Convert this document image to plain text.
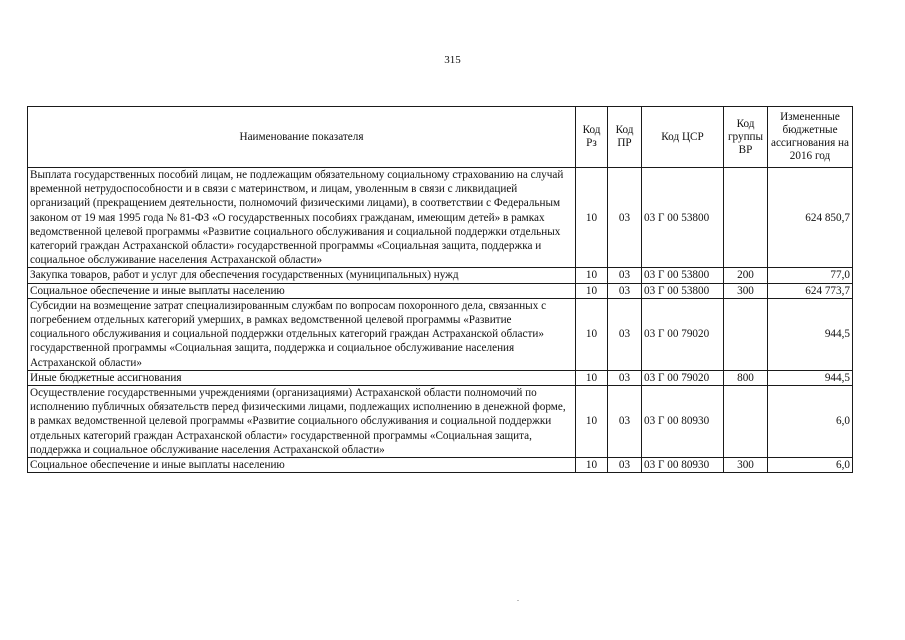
315
Наименование показателя	Код Рз	Код ПР	Код ЦСР	Код группы ВР	Измененные бюджетные ассигнования на 2016 год
Выплата государственных пособий лицам, не подлежащим обязательному социальному страхованию на случай временной нетрудоспособности и в связи с материнством, и лицам, уволенным в связи с ликвидацией организаций (прекращением деятельности, полномочий физическими лицами), в соответствии с Федеральным законом от 19 мая 1995 года № 81-ФЗ «О государственных пособиях гражданам, имеющим детей» в рамках ведомственной целевой программы «Развитие социального обслуживания и социальной поддержки отдельных категорий граждан Астраханской области» государственной программы «Социальная защита, поддержка и социальное обслуживание населения Астраханской области»	10	03	03 Г 00 53800		624 850,7
Закупка товаров, работ и услуг для обеспечения государственных (муниципальных) нужд	10	03	03 Г 00 53800	200	77,0
Социальное обеспечение и иные выплаты населению	10	03	03 Г 00 53800	300	624 773,7
Субсидии на возмещение затрат специализированным службам по вопросам похоронного дела, связанных с погребением отдельных категорий умерших, в рамках ведомственной целевой программы «Развитие социального обслуживания и социальной поддержки отдельных категорий граждан Астраханской области» государственной программы «Социальная защита, поддержка и социальное обслуживание населения Астраханской области»	10	03	03 Г 00 79020		944,5
Иные бюджетные ассигнования	10	03	03 Г 00 79020	800	944,5
Осуществление государственными учреждениями (организациями) Астраханской области полномочий по исполнению публичных обязательств перед физическими лицами, подлежащих исполнению в денежной форме, в рамках ведомственной целевой программы «Развитие социального обслуживания и социальной поддержки отдельных категорий граждан Астраханской области» государственной программы «Социальная защита, поддержка и социальное обслуживание населения Астраханской области»	10	03	03 Г 00 80930		6,0
Социальное обеспечение и иные выплаты населению	10	03	03 Г 00 80930	300	6,0
